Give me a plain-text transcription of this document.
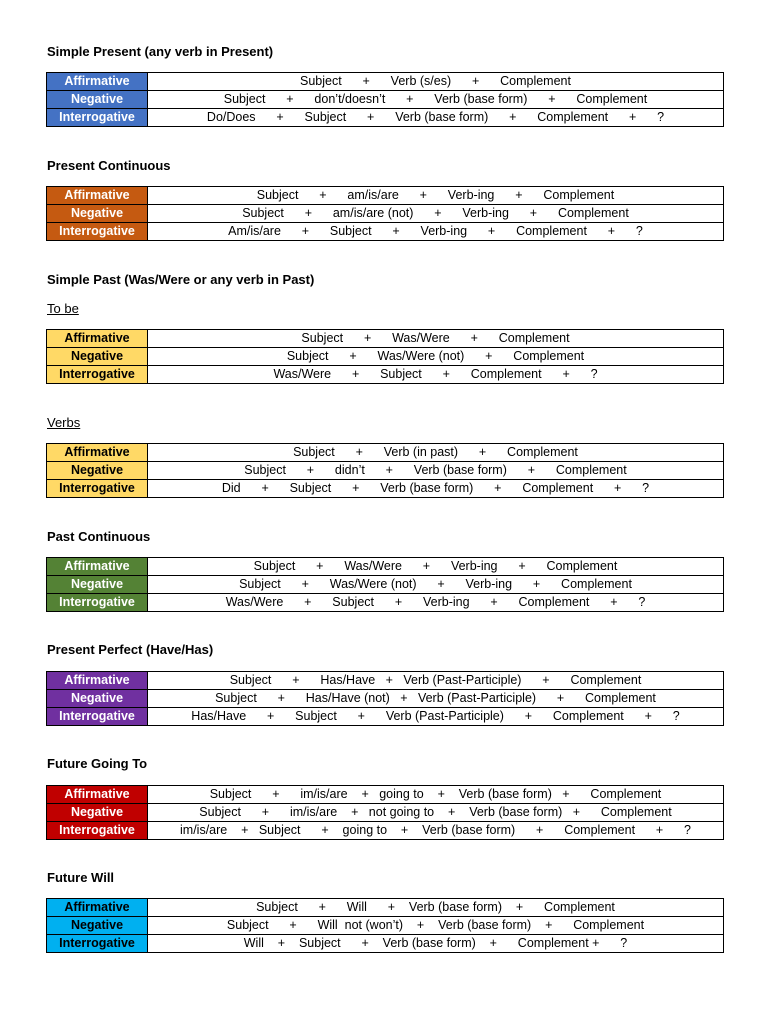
Simple Present (any verb in Present)
Affirmative	Subject      +      Verb (s/es)      +      Complement
Negative	Subject      +      don’t/doesn’t      +      Verb (base form)      +      Complement
Interrogative	Do/Does      +      Subject      +      Verb (base form)      +      Complement      +      ?
Present Continuous
Affirmative	Subject      +      am/is/are      +      Verb-ing      +      Complement
Negative	Subject      +      am/is/are (not)      +      Verb-ing      +      Complement
Interrogative	Am/is/are      +      Subject      +      Verb-ing      +      Complement      +      ?
Simple Past (Was/Were or any verb in Past)
To be
Affirmative	Subject      +      Was/Were      +      Complement
Negative	Subject      +      Was/Were (not)      +      Complement
Interrogative	Was/Were      +      Subject      +      Complement      +      ?
Verbs
Affirmative	Subject      +      Verb (in past)      +      Complement
Negative	Subject      +      didn’t      +      Verb (base form)      +      Complement
Interrogative	Did      +      Subject      +      Verb (base form)      +      Complement      +      ?
Past Continuous
Affirmative	Subject      +      Was/Were      +      Verb-ing      +      Complement
Negative	Subject      +      Was/Were (not)      +      Verb-ing      +      Complement
Interrogative	Was/Were      +      Subject      +      Verb-ing      +      Complement      +      ?
Present Perfect (Have/Has)
Affirmative	Subject      +      Has/Have   +   Verb (Past-Participle)      +      Complement
Negative	Subject      +      Has/Have (not)   +   Verb (Past-Participle)      +      Complement
Interrogative	Has/Have      +      Subject      +      Verb (Past-Participle)      +      Complement      +      ?
Future Going To
Affirmative	Subject      +      im/is/are    +   going to    +    Verb (base form)   +      Complement
Negative	Subject      +      im/is/are    +   not going to    +    Verb (base form)   +      Complement
Interrogative	im/is/are    +   Subject      +    going to    +    Verb (base form)      +      Complement      +      ?
Future Will
Affirmative	Subject      +      Will      +    Verb (base form)    +      Complement
Negative	Subject      +      Will  not (won’t)    +    Verb (base form)    +      Complement
Interrogative	Will    +    Subject      +    Verb (base form)    +      Complement +      ?
